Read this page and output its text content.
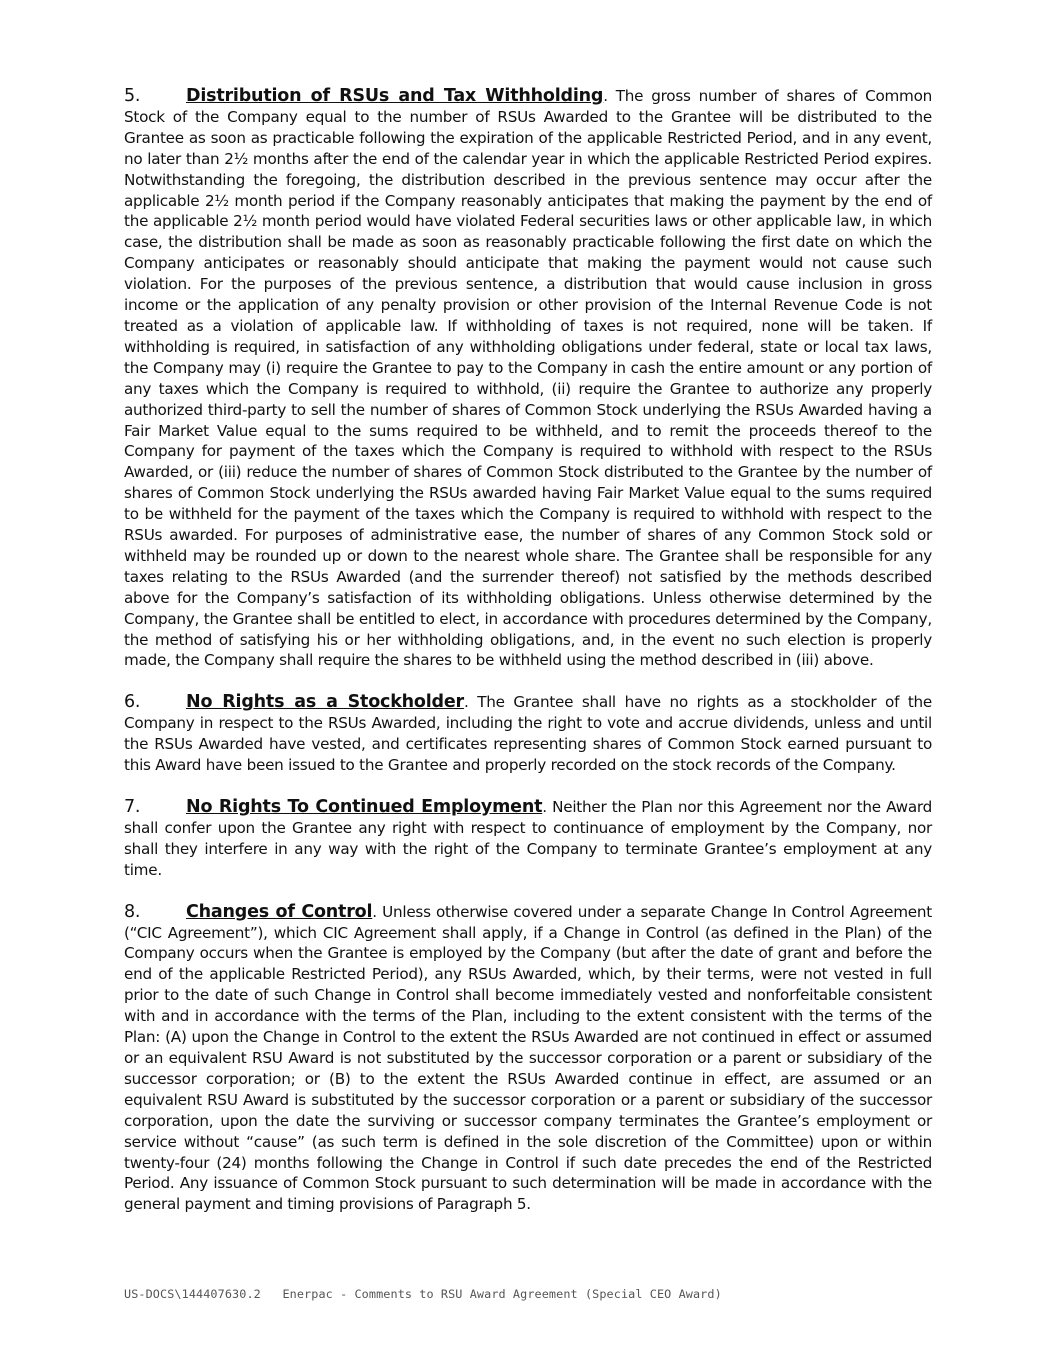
5.	Distribution of RSUs and Tax Withholding. The gross number of shares of Common Stock of the Company equal to the number of RSUs Awarded to the Grantee will be distributed to the Grantee as soon as practicable following the expiration of the applicable Restricted Period, and in any event, no later than 2½ months after the end of the calendar year in which the applicable Restricted Period expires. Notwithstanding the foregoing, the distribution described in the previous sentence may occur after the applicable 2½ month period if the Company reasonably anticipates that making the payment by the end of the applicable 2½ month period would have violated Federal securities laws or other applicable law, in which case, the distribution shall be made as soon as reasonably practicable following the first date on which the Company anticipates or reasonably should anticipate that making the payment would not cause such violation. For the purposes of the previous sentence, a distribution that would cause inclusion in gross income or the application of any penalty provision or other provision of the Internal Revenue Code is not treated as a violation of applicable law. If withholding of taxes is not required, none will be taken. If withholding is required, in satisfaction of any withholding obligations under federal, state or local tax laws, the Company may (i) require the Grantee to pay to the Company in cash the entire amount or any portion of any taxes which the Company is required to withhold, (ii) require the Grantee to authorize any properly authorized third-party to sell the number of shares of Common Stock underlying the RSUs Awarded having a Fair Market Value equal to the sums required to be withheld, and to remit the proceeds thereof to the Company for payment of the taxes which the Company is required to withhold with respect to the RSUs Awarded, or (iii) reduce the number of shares of Common Stock distributed to the Grantee by the number of shares of Common Stock underlying the RSUs awarded having Fair Market Value equal to the sums required to be withheld for the payment of the taxes which the Company is required to withhold with respect to the RSUs awarded. For purposes of administrative ease, the number of shares of any Common Stock sold or withheld may be rounded up or down to the nearest whole share. The Grantee shall be responsible for any taxes relating to the RSUs Awarded (and the surrender thereof) not satisfied by the methods described above for the Company’s satisfaction of its withholding obligations. Unless otherwise determined by the Company, the Grantee shall be entitled to elect, in accordance with procedures determined by the Company, the method of satisfying his or her withholding obligations, and, in the event no such election is properly made, the Company shall require the shares to be withheld using the method described in (iii) above.

6.	No Rights as a Stockholder. The Grantee shall have no rights as a stockholder of the Company in respect to the RSUs Awarded, including the right to vote and accrue dividends, unless and until the RSUs Awarded have vested, and certificates representing shares of Common Stock earned pursuant to this Award have been issued to the Grantee and properly recorded on the stock records of the Company.

7.	No Rights To Continued Employment. Neither the Plan nor this Agreement nor the Award shall confer upon the Grantee any right with respect to continuance of employment by the Company, nor shall they interfere in any way with the right of the Company to terminate Grantee’s employment at any time.

8.	Changes of Control. Unless otherwise covered under a separate Change In Control Agreement (“CIC Agreement”), which CIC Agreement shall apply, if a Change in Control (as defined in the Plan) of the Company occurs when the Grantee is employed by the Company (but after the date of grant and before the end of the applicable Restricted Period), any RSUs Awarded, which, by their terms, were not vested in full prior to the date of such Change in Control shall become immediately vested and nonforfeitable consistent with and in accordance with the terms of the Plan, including to the extent consistent with the terms of the Plan: (A) upon the Change in Control to the extent the RSUs Awarded are not continued in effect or assumed or an equivalent RSU Award is not substituted by the successor corporation or a parent or subsidiary of the successor corporation; or (B) to the extent the RSUs Awarded continue in effect, are assumed or an equivalent RSU Award is substituted by the successor corporation or a parent or subsidiary of the successor corporation, upon the date the surviving or successor company terminates the Grantee’s employment or service without “cause” (as such term is defined in the sole discretion of the Committee) upon or within twenty-four (24) months following the Change in Control if such date precedes the end of the Restricted Period. Any issuance of Common Stock pursuant to such determination will be made in accordance with the general payment and timing provisions of Paragraph 5.

US-DOCS\144407630.2   Enerpac - Comments to RSU Award Agreement (Special CEO Award)
